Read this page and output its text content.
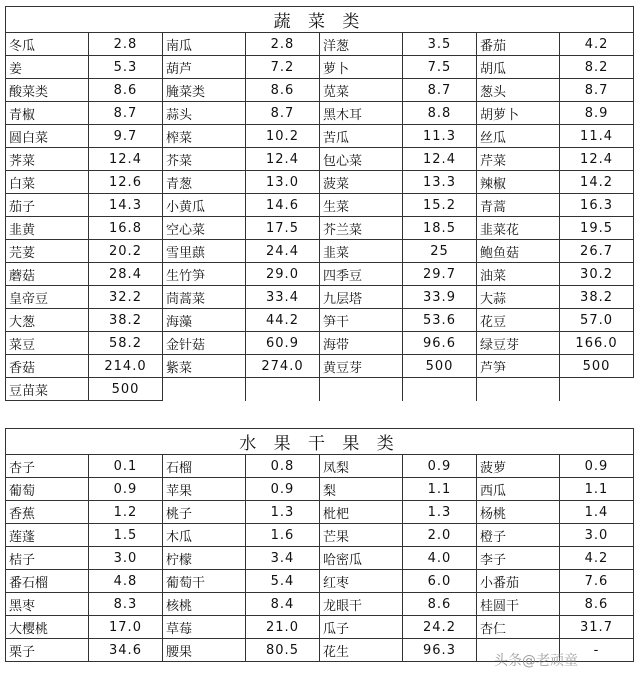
蔬 菜 类							
冬瓜	2.8	南瓜	2.8	洋葱	3.5	番茄	4.2
姜	5.3	葫芦	7.2	萝卜	7.5	胡瓜	8.2
酸菜类	8.6	腌菜类	8.6	苋菜	8.7	葱头	8.7
青椒	8.7	蒜头	8.7	黑木耳	8.8	胡萝卜	8.9
圆白菜	9.7	榨菜	10.2	苦瓜	11.3	丝瓜	11.4
荠菜	12.4	芥菜	12.4	包心菜	12.4	芹菜	12.4
白菜	12.6	青葱	13.0	菠菜	13.3	辣椒	14.2
茄子	14.3	小黄瓜	14.6	生菜	15.2	青蒿	16.3
韭黄	16.8	空心菜	17.5	芥兰菜	18.5	韭菜花	19.5
芫荽	20.2	雪里蕻	24.4	韭菜	25	鲍鱼菇	26.7
蘑菇	28.4	生竹笋	29.0	四季豆	29.7	油菜	30.2
皇帝豆	32.2	茼蒿菜	33.4	九层塔	33.9	大蒜	38.2
大葱	38.2	海藻	44.2	笋干	53.6	花豆	57.0
菜豆	58.2	金针菇	60.9	海带	96.6	绿豆芽	166.0
香菇	214.0	紫菜	274.0	黄豆芽	500	芦笋	500
豆苗菜	500						
水 果 干 果 类							
杏子	0.1	石榴	0.8	凤梨	0.9	菠萝	0.9
葡萄	0.9	苹果	0.9	梨	1.1	西瓜	1.1
香蕉	1.2	桃子	1.3	枇杷	1.3	杨桃	1.4
莲蓬	1.5	木瓜	1.6	芒果	2.0	橙子	3.0
桔子	3.0	柠檬	3.4	哈密瓜	4.0	李子	4.2
番石榴	4.8	葡萄干	5.4	红枣	6.0	小番茄	7.6
黑枣	8.3	核桃	8.4	龙眼干	8.6	桂圆干	8.6
大樱桃	17.0	草莓	21.0	瓜子	24.2	杏仁	31.7
栗子	34.6	腰果	80.5	花生	96.3		-
头条@老顽童
